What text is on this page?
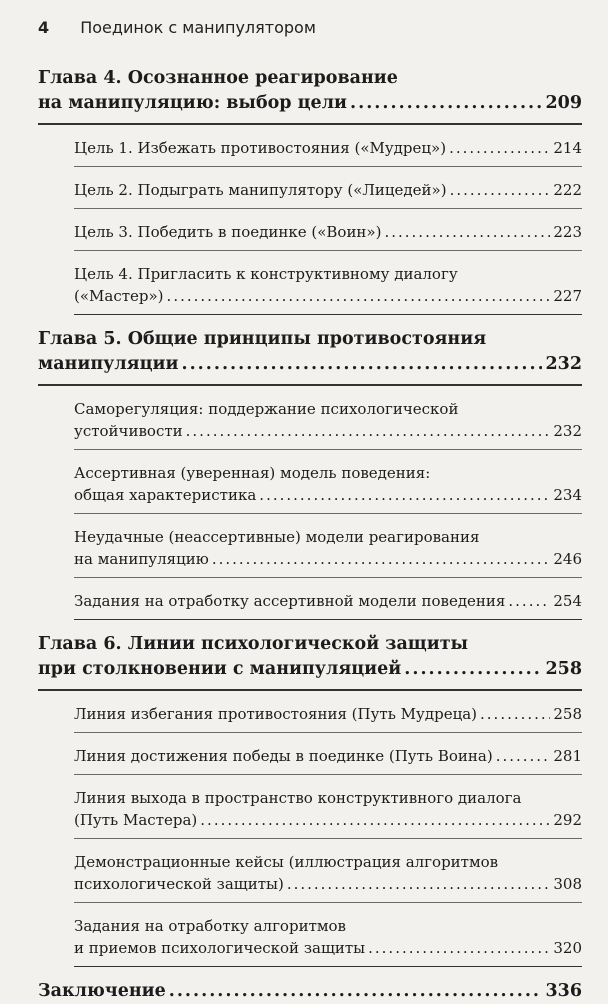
4 Поединок с манипулятором
Глава 4. Осознанное реагирование
на манипуляцию: выбор цели .....	209
Цель 1. Избежать противостояния («Мудрец») .....	214
Цель 2. Подыграть манипулятору («Лицедей») .....	222
Цель 3. Победить в поединке («Воин») .....	223
Цель 4. Пригласить к конструктивному диалогу
(«Мастер») .....	227
Глава 5. Общие принципы противостояния
манипуляции .....	232
Саморегуляция: поддержание психологической
устойчивости .....	232
Ассертивная (уверенная) модель поведения:
общая характеристика .....	234
Неудачные (неассертивные) модели реагирования
на манипуляцию .....	246
Задания на отработку ассертивной модели поведения .....	254
Глава 6. Линии психологической защиты
при столкновении с манипуляцией .....	258
Линия избегания противостояния (Путь Мудреца) .....	258
Линия достижения победы в поединке (Путь Воина) .....	281
Линия выхода в пространство конструктивного диалога
(Путь Мастера) .....	292
Демонстрационные кейсы (иллюстрация алгоритмов
психологической защиты) .....	308
Задания на отработку алгоритмов
и приемов психологической защиты .....	320
Заключение .....	336
